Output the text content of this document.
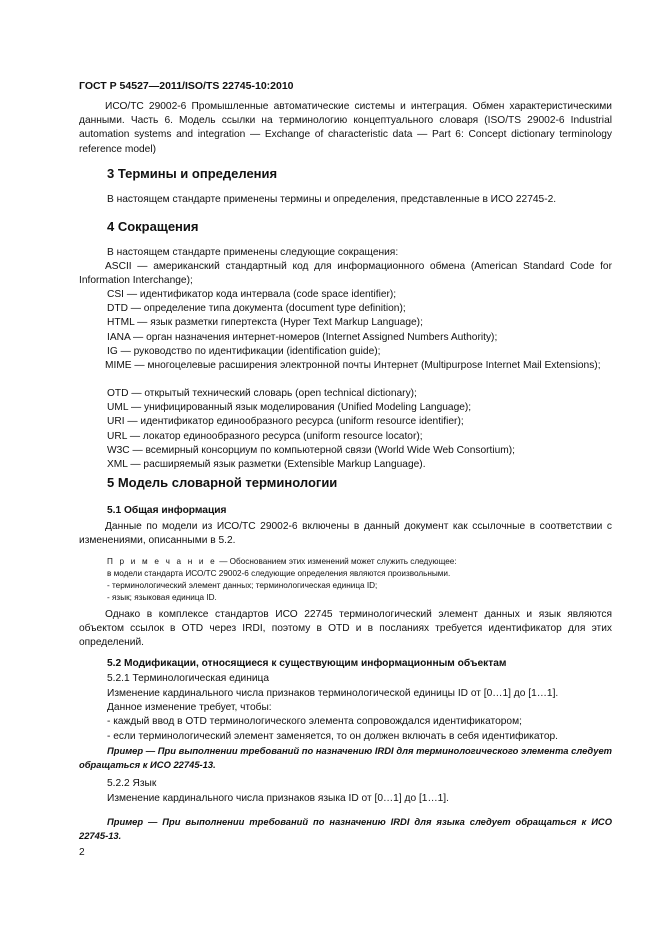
ГОСТ Р 54527—2011/ISO/TS 22745-10:2010
ИСО/ТС 29002-6 Промышленные автоматические системы и интеграция. Обмен характеристическими данными. Часть 6. Модель ссылки на терминологию концептуального словаря (ISO/TS 29002-6 Industrial automation systems and integration — Exchange of characteristic data — Part 6: Concept dictionary terminology reference model)
3 Термины и определения
В настоящем стандарте применены термины и определения, представленные в ИСО 22745-2.
4 Сокращения
В настоящем стандарте применены следующие сокращения:
ASCII — американский стандартный код для информационного обмена (American Standard Code for Information Interchange);
CSI — идентификатор кода интервала (code space identifier);
DTD — определение типа документа (document type definition);
HTML — язык разметки гипертекста (Hyper Text Markup Language);
IANA — орган назначения интернет-номеров (Internet Assigned Numbers Authority);
IG — руководство по идентификации (identification guide);
MIME — многоцелевые расширения электронной почты Интернет (Multipurpose Internet Mail Extensions);
OTD — открытый технический словарь (open technical dictionary);
UML — унифицированный язык моделирования (Unified Modeling Language);
URI — идентификатор единообразного ресурса (uniform resource identifier);
URL — локатор единообразного ресурса (uniform resource locator);
W3C — всемирный консорциум по компьютерной связи (World Wide Web Consortium);
XML — расширяемый язык разметки (Extensible Markup Language).
5 Модель словарной терминологии
5.1 Общая информация
Данные по модели из ИСО/ТС 29002-6 включены в данный документ как ссылочные в соответствии с изменениями, описанными в 5.2.
П р и м е ч а н и е — Обоснованием этих изменений может служить следующее:
в модели стандарта ИСО/ТС 29002-6 следующие определения являются произвольными.
- терминологический элемент данных; терминологическая единица ID;
- язык; языковая единица ID.
Однако в комплексе стандартов ИСО 22745 терминологический элемент данных и язык являются объектом ссылок в OTD через IRDI, поэтому в OTD и в посланиях требуется идентификатор для этих определений.
5.2 Модификации, относящиеся к существующим информационным объектам
5.2.1 Терминологическая единица
Изменение кардинального числа признаков терминологической единицы ID от [0…1] до [1…1].
Данное изменение требует, чтобы:
- каждый ввод в OTD терминологического элемента сопровождался идентификатором;
- если терминологический элемент заменяется, то он должен включать в себя идентификатор.
Пример — При выполнении требований по назначению IRDI для терминологического элемента следует обращаться к ИСО 22745-13.
5.2.2 Язык
Изменение кардинального числа признаков языка ID от [0…1] до [1…1].
Пример — При выполнении требований по назначению IRDI для языка следует обращаться к ИСО 22745-13.
2
